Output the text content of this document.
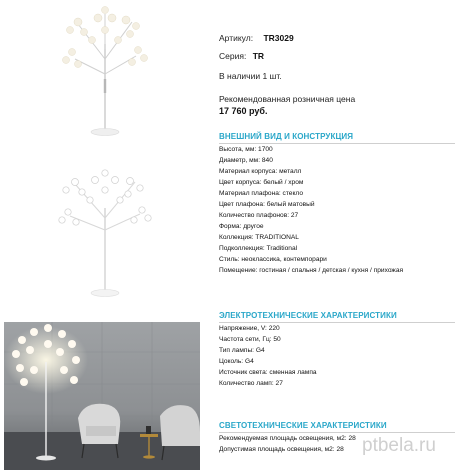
Артикул: TR3029
Серия: TR
В наличии 1 шт.
Рекомендованная розничная цена
17 760 руб.
ВНЕШНИЙ ВИД И КОНСТРУКЦИЯ
Высота, мм: 1700
Диаметр, мм: 840
Материал корпуса: металл
Цвет корпуса: белый / хром
Материал плафона: стекло
Цвет плафона: белый матовый
Количество плафонов: 27
Форма: другое
Коллекция: TRADITIONAL
Подколлекция: Traditional
Стиль: неоклассика, контемпорари
Помещение: гостиная / спальня / детская / кухня / прихожая
ЭЛЕКТРОТЕХНИЧЕСКИЕ ХАРАКТЕРИСТИКИ
Напряжение, V: 220
Частота сети, Гц: 50
Тип лампы: G4
Цоколь: G4
Источник света: сменная лампа
Количество ламп: 27
СВЕТОТЕХНИЧЕСКИЕ ХАРАКТЕРИСТИКИ
Рекомендуемая площадь освещения, м2: 28
Допустимая площадь освещения, м2: 28 ptbela.ru
